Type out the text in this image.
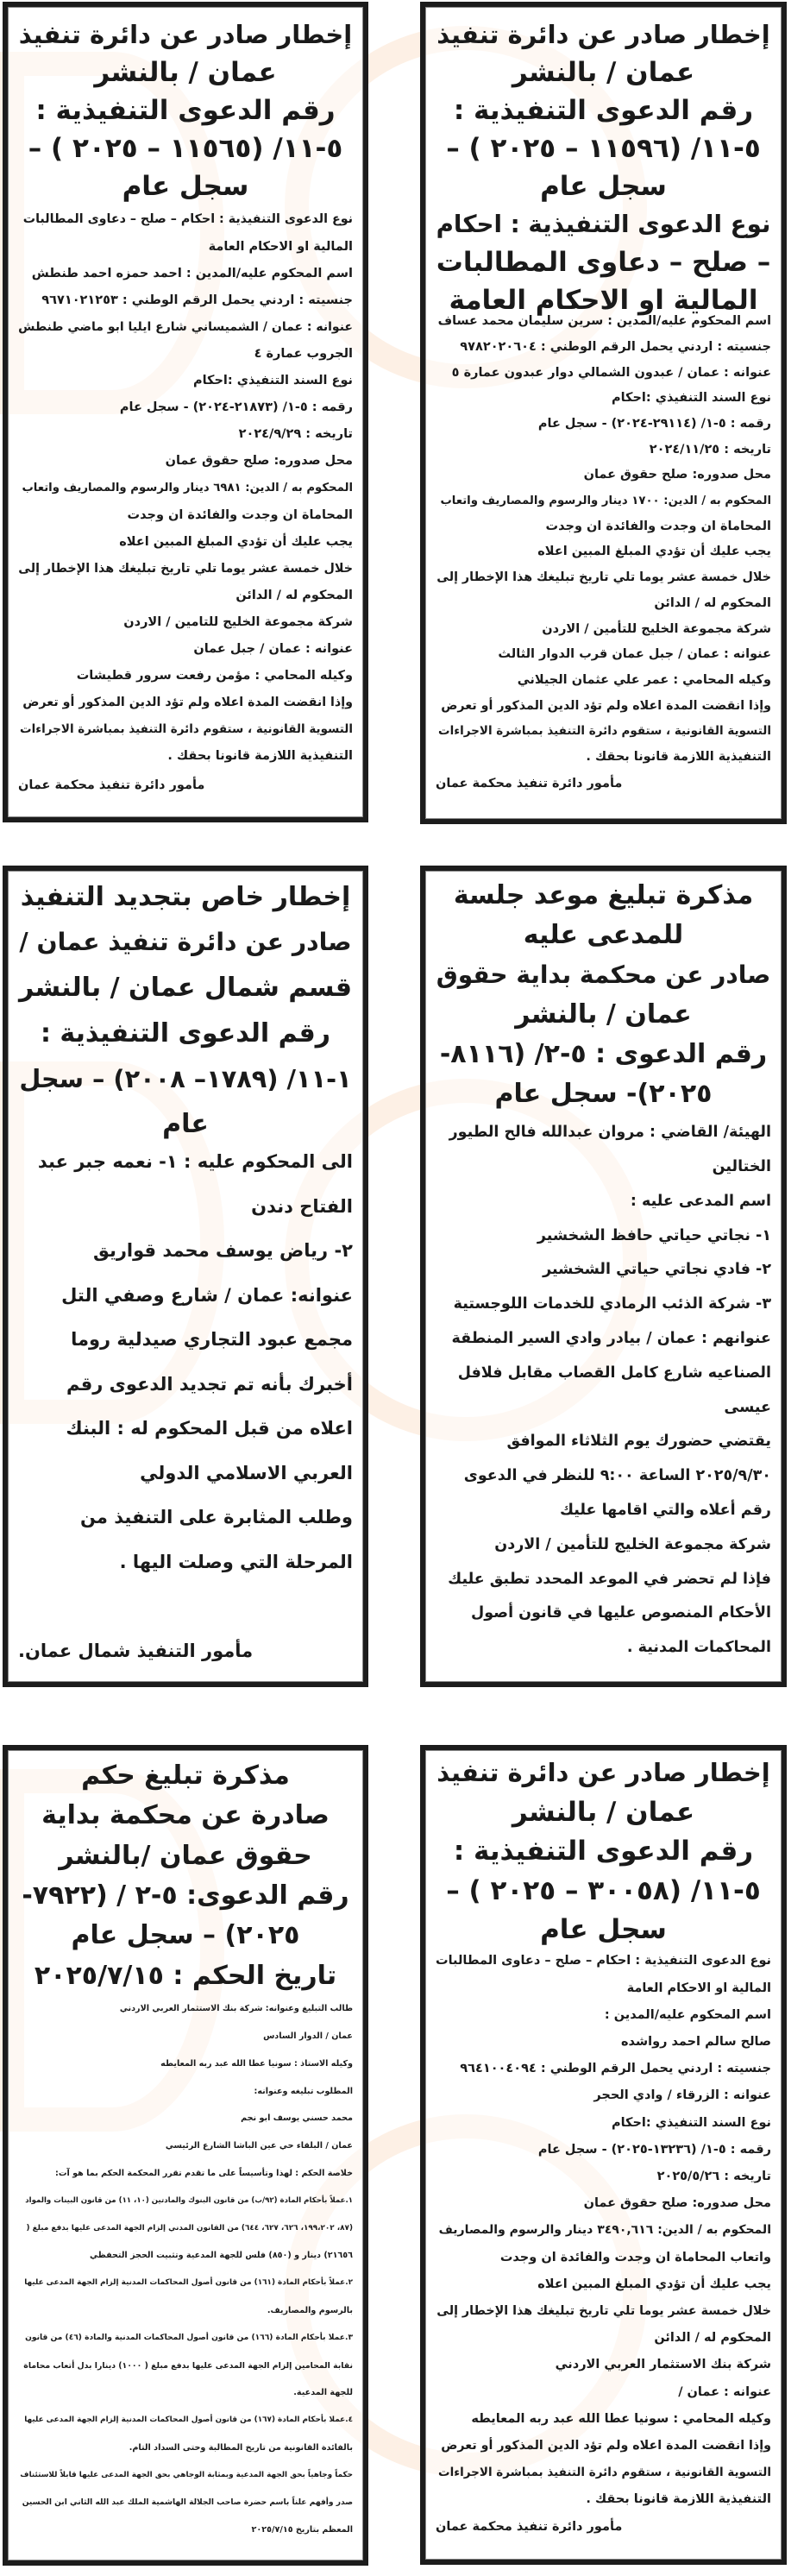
إخطار صادر عن دائرة تنفيذ
عمان / بالنشر
رقم الدعوى التنفيذية :
٥-١١/ (١١٥٩٦ – ٢٠٢٥ ) –
سجل عام
نوع الدعوى التنفيذية : احكام
– صلح – دعاوى المطالبات
المالية او الاحكام العامة
اسم المحكوم عليه/المدين : سرين سليمان محمد عساف
جنسيته : اردني يحمل الرقم الوطني : ٩٧٨٢٠٢٠٦٠٤
عنوانه : عمان / عبدون الشمالي دوار عبدون عمارة ٥
نوع السند التنفيذي :احكام
رقمه : ٥-١/ (٢٩١١٤-٢٠٢٤) - سجل عام
تاريخه : ٢٠٢٤/١١/٢٥
محل صدوره: صلح حقوق عمان
المحكوم به / الدين: ١٧٠٠ دينار والرسوم والمصاريف واتعاب
المحاماة ان وجدت والفائدة ان وجدت
يجب عليك أن تؤدي المبلغ المبين اعلاه
خلال خمسة عشر يوما تلي تاريخ تبليغك هذا الإخطار إلى
المحكوم له / الدائن
شركة مجموعة الخليج للتأمين / الاردن
عنوانه : عمان / جبل عمان قرب الدوار الثالث
وكيله المحامي : عمر علي عثمان الجيلاني
وإذا انقضت المدة اعلاه ولم تؤد الدين المذكور أو تعرض
التسوية القانونية ، ستقوم دائرة التنفيذ بمباشرة الاجراءات
التنفيذية اللازمة قانونا بحقك .
مأمور دائرة تنفيذ محكمة عمان
إخطار صادر عن دائرة تنفيذ
عمان / بالنشر
رقم الدعوى التنفيذية :
٥-١١/ (١١٥٦٥ – ٢٠٢٥ ) –
سجل عام
نوع الدعوى التنفيذية : احكام – صلح – دعاوى المطالبات
المالية او الاحكام العامة
اسم المحكوم عليه/المدين : احمد حمزه احمد طنطش
جنسيته : اردني يحمل الرقم الوطني : ٩٦٧١٠٢١٢٥٣
عنوانه : عمان / الشميساني شارع ايليا ابو ماضي طنطش
الجروب عمارة ٤
نوع السند التنفيذي :احكام
رقمه : ٥-١/ (٢١٨٧٣-٢٠٢٤) - سجل عام
تاريخه : ٢٠٢٤/٩/٢٩
محل صدوره: صلح حقوق عمان
المحكوم به / الدين: ٦٩٨١ دينار والرسوم والمصاريف واتعاب
المحاماة ان وجدت والفائدة ان وجدت
يجب عليك أن تؤدي المبلغ المبين اعلاه
خلال خمسة عشر يوما تلي تاريخ تبليغك هذا الإخطار إلى
المحكوم له / الدائن
شركة مجموعة الخليج للتامين / الاردن
عنوانه : عمان / جبل عمان
وكيله المحامي : مؤمن رفعت سرور قطيشات
وإذا انقضت المدة اعلاه ولم تؤد الدين المذكور أو تعرض
التسوية القانونية ، ستقوم دائرة التنفيذ بمباشرة الاجراءات
التنفيذية اللازمة قانونا بحقك .
مأمور دائرة تنفيذ محكمة عمان
مذكرة تبليغ موعد جلسة
للمدعى عليه
صادر عن محكمة بداية حقوق
عمان / بالنشر
رقم الدعوى : ٥-٢/ (٨١١٦-
٢٠٢٥)- سجل عام
الهيئة/ القاضي : مروان عبدالله فالح الطيور
الختالين
اسم المدعى عليه :
١- نجاتي حياتي حافظ الشخشير
٢- فادي نجاتي حياتي الشخشير
٣- شركة الذئب الرمادي للخدمات اللوجستية
عنوانهم : عمان / بيادر وادي السير المنطقة
الصناعيه شارع كامل القصاب مقابل فلافل
عيسى
يقتضي حضورك يوم الثلاثاء الموافق
٢٠٢٥/٩/٣٠ الساعة ٩:٠٠ للنظر في الدعوى
رقم أعلاه والتي اقامها عليك
شركة مجموعة الخليج للتأمين / الاردن
فإذا لم تحضر في الموعد المحدد تطبق عليك
الأحكام المنصوص عليها في قانون أصول
المحاكمات المدنية .
إخطار خاص بتجديد التنفيذ
صادر عن دائرة تنفيذ عمان /
قسم شمال عمان / بالنشر
رقم الدعوى التنفيذية :
١-١١/ (١٧٨٩– ٢٠٠٨) – سجل
عام
الى المحكوم عليه : ١- نعمه جبر عبد
الفتاح دندن
٢- رياض يوسف محمد قواريق
عنوانه: عمان / شارع وصفي التل
مجمع عبود التجاري صيدلية روما
أخبرك بأنه تم تجديد الدعوى رقم
اعلاه من قبل المحكوم له : البنك
العربي الاسلامي الدولي
وطلب المثابرة على التنفيذ من
المرحلة التي وصلت اليها .
مأمور التنفيذ شمال عمان.
إخطار صادر عن دائرة تنفيذ
عمان / بالنشر
رقم الدعوى التنفيذية :
٥-١١/ (٣٠٠٥٨ – ٢٠٢٥ ) –
سجل عام
نوع الدعوى التنفيذية : احكام – صلح – دعاوى المطالبات
المالية او الاحكام العامة
اسم المحكوم عليه/المدين :
صالح سالم احمد رواشده
جنسيته : اردني يحمل الرقم الوطني : ٩٦٤١٠٠٤٠٩٤
عنوانه : الزرقاء / وادي الحجر
نوع السند التنفيذي :احكام
رقمه : ٥-١/ (١٣٢٣٦-٢٠٢٥) - سجل عام
تاريخه : ٢٠٢٥/٥/٢٦
محل صدوره: صلح حقوق عمان
المحكوم به / الدين: ٣٤٩٠,٦١٦ دينار والرسوم والمصاريف
واتعاب المحاماة ان وجدت والفائدة ان وجدت
يجب عليك أن تؤدي المبلغ المبين اعلاه
خلال خمسة عشر يوما تلي تاريخ تبليغك هذا الإخطار إلى
المحكوم له / الدائن
شركة بنك الاستثمار العربي الاردني
عنوانه : عمان /
وكيله المحامي : سونيا عطا الله عبد ربه المعايطه
وإذا انقضت المدة اعلاه ولم تؤد الدين المذكور أو تعرض
التسوية القانونية ، ستقوم دائرة التنفيذ بمباشرة الاجراءات
التنفيذية اللازمة قانونا بحقك .
مأمور دائرة تنفيذ محكمة عمان
مذكرة تبليغ حكم
صادرة عن محكمة بداية
حقوق عمان /بالنشر
رقم الدعوى: ٥-٢ / (٧٩٢٢-
٢٠٢٥) – سجل عام
تاريخ الحكم : ٢٠٢٥/٧/١٥
طالب التبليغ وعنوانه: شركة بنك الاستثمار العربي الاردني
عمان / الدوار السادس
وكيله الاستاذ : سونيا عطا الله عبد ربه المعايطه
المطلوب تبليغه وعنوانه:
محمد حسني يوسف ابو نجم
عمان / البلقاء حي عين الباشا الشارع الرئيسي
خلاصة الحكم : لهذا وتأسيساً على ما تقدم تقرر المحكمة الحكم بما هو آت:
١.عملاً بأحكام المادة (٩٢/ب) من قانون البنوك والمادتين (١٠، ١١) من قانون البينات والمواد
(٨٧، ١٩٩،٢٠٢، ٦٢٦، ٦٢٧، ٦٤٤) من القانون المدني إلزام الجهة المدعى عليها بدفع مبلغ (
٢١٦٥٦) دينار و (٨٥٠) فلس للجهة المدعية وتثبيت الحجز التحفظي
٢.عملاً بأحكام المادة (١٦١) من قانون أصول المحاكمات المدنية إلزام الجهة المدعى عليها
بالرسوم والمصاريف.
٣.عملا بأحكام المادة (١٦٦) من قانون أصول المحاكمات المدنية والمادة (٤٦) من قانون
نقابة المحامين إلزام الجهة المدعى عليها بدفع مبلغ ( ١٠٠٠) دينارا بدل أتعاب محاماة
للجهة المدعية.
٤.عملا بأحكام المادة (١٦٧) من قانون أصول المحاكمات المدنية إلزام الجهة المدعى عليها
بالفائدة القانونية من تاريخ المطالبة وحتى السداد التام.
حكماً وجاهياً بحق الجهة المدعية وبمثابة الوجاهي بحق الجهة المدعى عليها قابلاً للاستئناف
صدر وأفهم علناً باسم حضرة صاحب الجلالة الهاشمية الملك عبد الله الثاني ابن الحسين
المعظم بتاريخ ٢٠٢٥/٧/١٥
